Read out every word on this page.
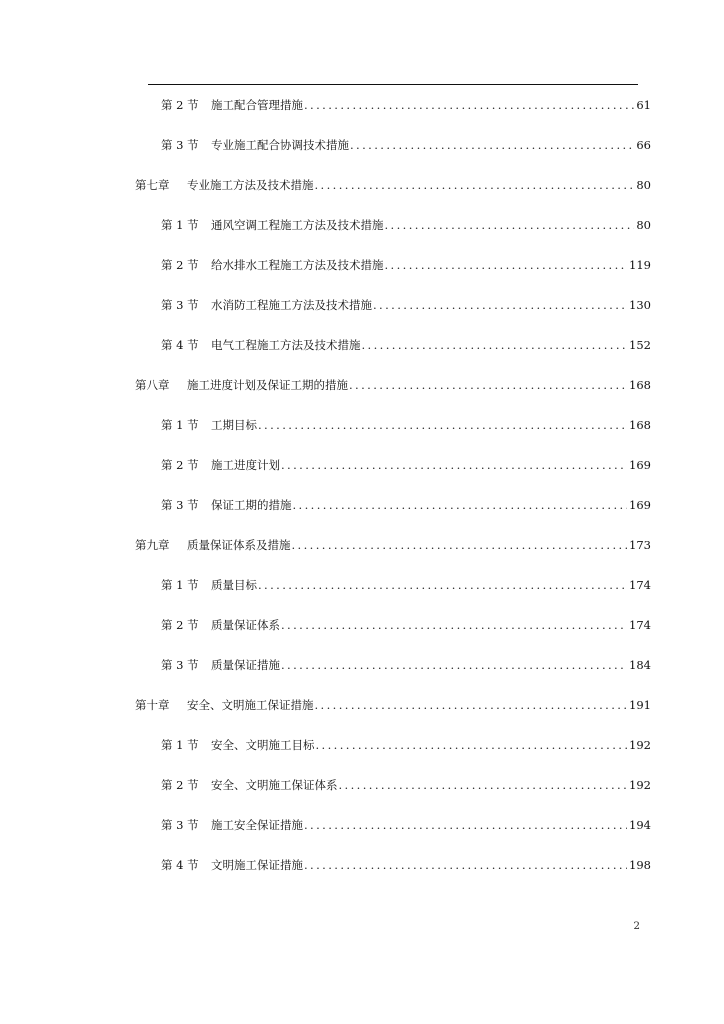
第 2 节	施工配合管理措施 .....	61
第 3 节	专业施工配合协调技术措施 .....	66
第七章	专业施工方法及技术措施 .....	80
第 1 节	通风空调工程施工方法及技术措施 .....	80
第 2 节	给水排水工程施工方法及技术措施 .....	119
第 3 节	水消防工程施工方法及技术措施 .....	130
第 4 节	电气工程施工方法及技术措施 .....	152
第八章	施工进度计划及保证工期的措施 .....	168
第 1 节	工期目标 .....	168
第 2 节	施工进度计划 .....	169
第 3 节	保证工期的措施 .....	169
第九章	质量保证体系及措施 .....	173
第 1 节	质量目标 .....	174
第 2 节	质量保证体系 .....	174
第 3 节	质量保证措施 .....	184
第十章	安全、文明施工保证措施 .....	191
第 1 节	安全、文明施工目标 .....	192
第 2 节	安全、文明施工保证体系 .....	192
第 3 节	施工安全保证措施 .....	194
第 4 节	文明施工保证措施 .....	198
2
